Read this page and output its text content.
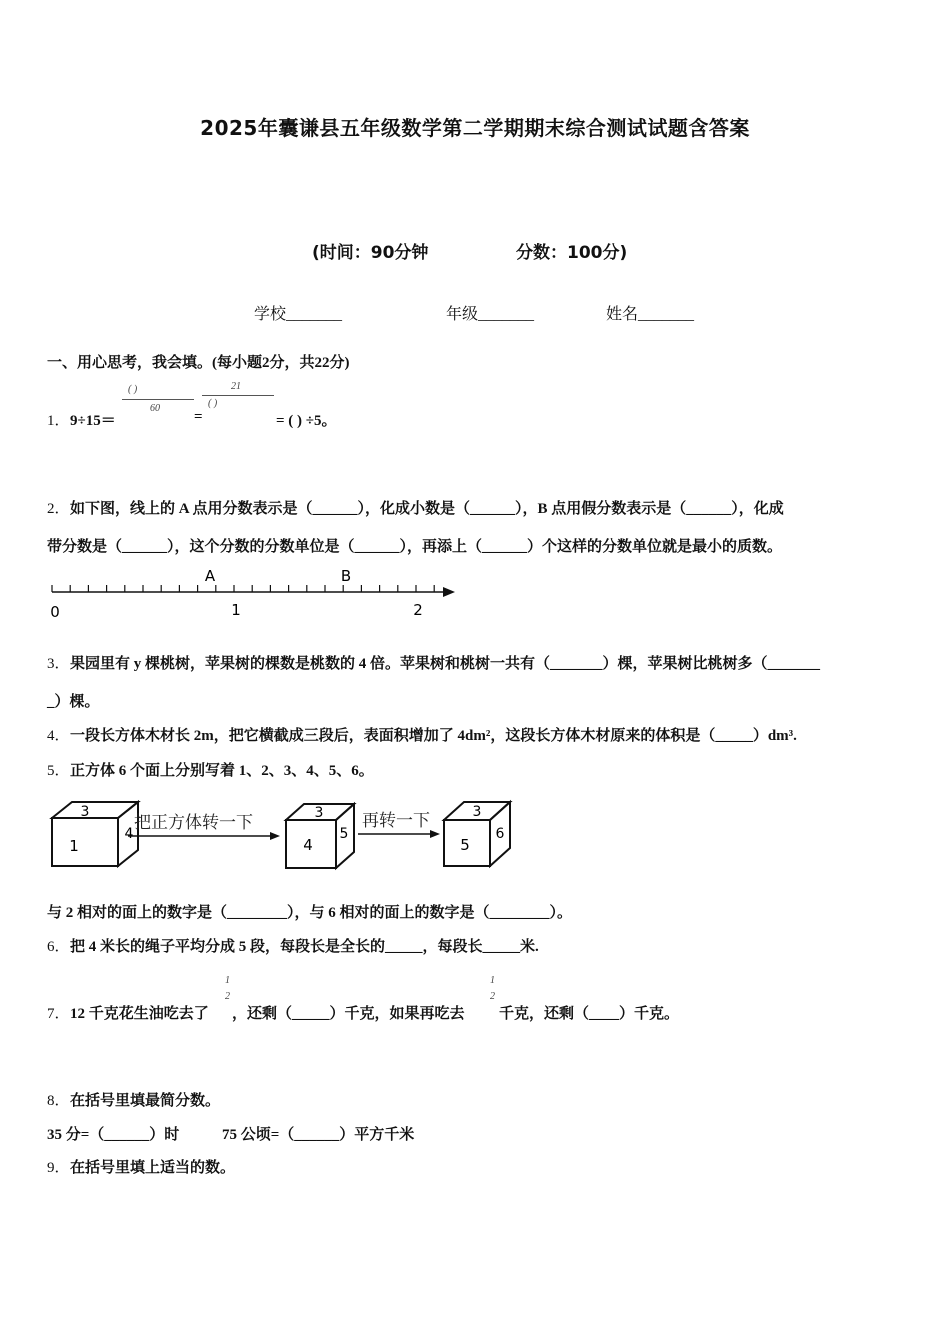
2025年囊谦县五年级数学第二学期期末综合测试试题含答案
(时间：90分钟	分数：100分)
学校_______	年级_______	姓名_______
一、用心思考，我会填。(每小题2分，共22分)
1． 9÷15＝
( )
60
=
21
( )
= ( ) ÷5。
2． 如下图，线上的 A 点用分数表示是（______），化成小数是（______），B 点用假分数表示是（______），化成
带分数是（______），这个分数的分数单位是（______），再添上（______）个这样的分数单位就是最小的质数。
0	1	2
A	B
3． 果园里有 y 棵桃树，苹果树的棵数是桃数的 4 倍。苹果树和桃树一共有（_______）棵，苹果树比桃树多（_______
_）棵。
4． 一段长方体木材长 2m，把它横截成三段后，表面积增加了 4dm²，这段长方体木材原来的体积是（_____）dm³.
5． 正方体 6 个面上分别写着 1、2、3、4、5、6。
3
1
4
把正方体转一下	3
4
5
再转一下	3
5
6
与 2 相对的面上的数字是（________），与 6 相对的面上的数字是（________）。
6． 把 4 米长的绳子平均分成 5 段，每段长是全长的_____，每段长_____米.
7． 12 千克花生油吃去了
1
2
，还剩（_____）千克，如果再吃去
1
2
千克，还剩（____）千克。
8． 在括号里填最简分数。
35 分=（______）时	75 公顷=（______）平方千米
9． 在括号里填上适当的数。
